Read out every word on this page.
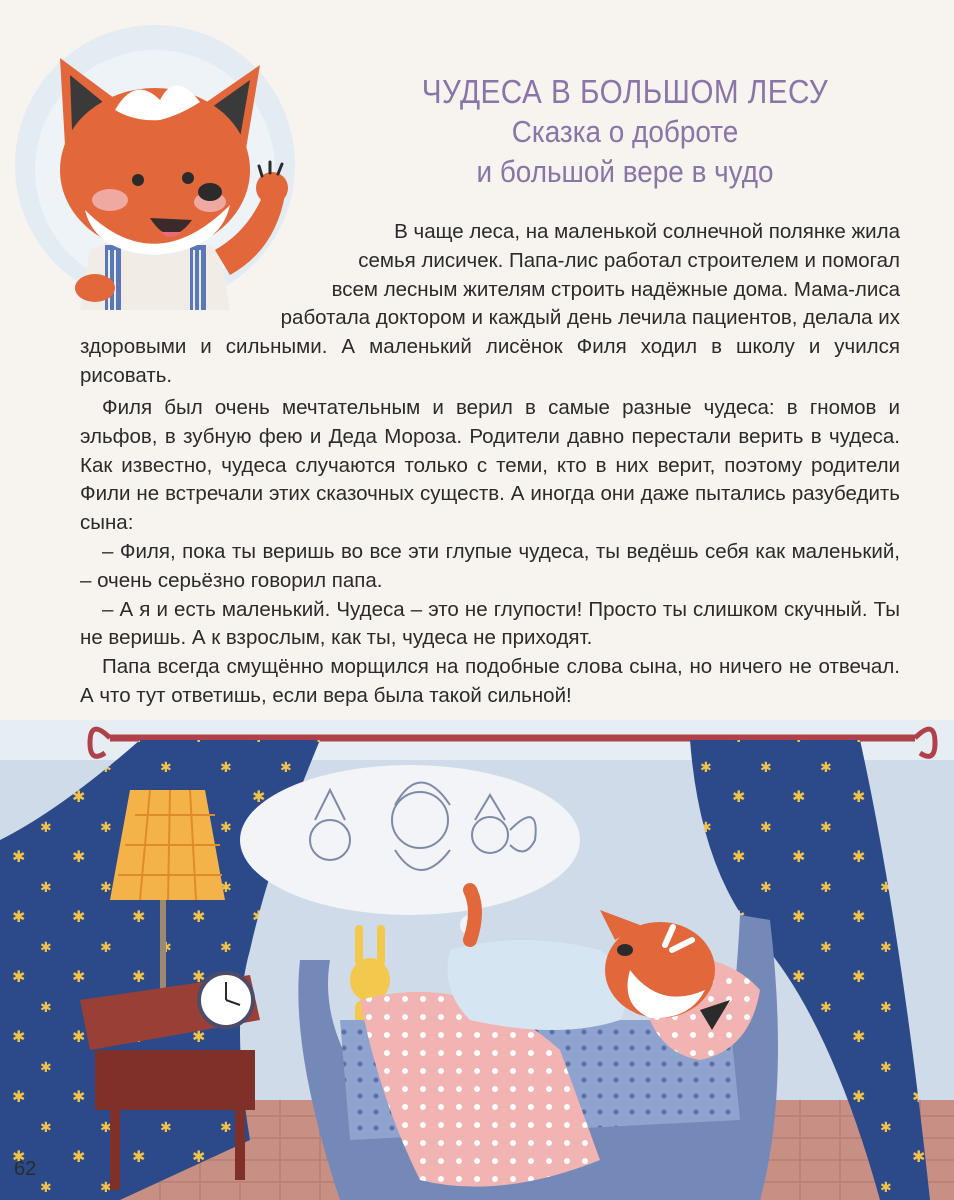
ЧУДЕСА В БОЛЬШОМ ЛЕСУ
Сказка о доброте
и большой вере в чудо
В чаще леса, на маленькой солнечной полянке жила
семья лисичек. Папа-лис работал строителем и помогал
всем лесным жителям строить надёжные дома. Мама-лиса
работала доктором и каждый день лечила пациентов, делала их
здоровыми и сильными. А маленький лисёнок Филя ходил в школу и учился
рисовать.

Филя был очень мечтательным и верил в самые разные чудеса: в гномов и эльфов, в зубную фею и Деда Мороза. Родители давно перестали верить в чудеса. Как известно, чудеса случаются только с теми, кто в них верит, поэтому родители Фили не встречали этих сказочных существ. А иногда они даже пытались разубедить сына:

– Филя, пока ты веришь во все эти глупые чудеса, ты ведёшь себя как маленький, – очень серьёзно говорил папа.

– А я и есть маленький. Чудеса – это не глупости! Просто ты слишком скучный. Ты не веришь. А к взрослым, как ты, чудеса не приходят.

Папа всегда смущённо морщился на подобные слова сына, но ничего не отвечал. А что тут ответишь, если вера была такой сильной!

62
